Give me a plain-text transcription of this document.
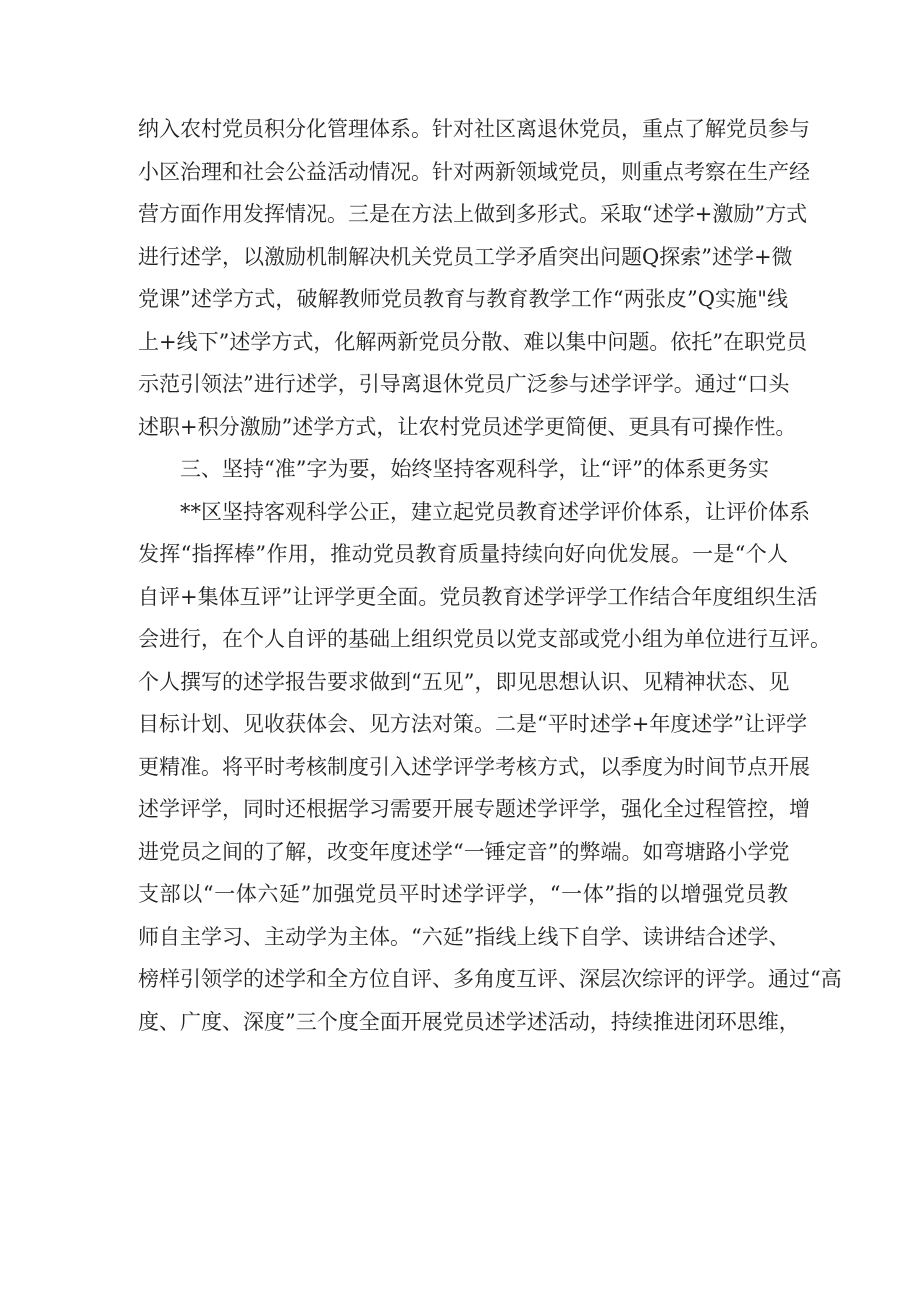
纳入农村党员积分化管理体系。针对社区离退休党员，重点了解党员参与
小区治理和社会公益活动情况。针对两新领域党员，则重点考察在生产经
营方面作用发挥情况。三是在方法上做到多形式。采取“述学+激励”方式
进行述学，以激励机制解决机关党员工学矛盾突出问题Q探索”述学+微
党课”述学方式，破解教师党员教育与教育教学工作“两张皮”Q实施"线
上+线下”述学方式，化解两新党员分散、难以集中问题。依托”在职党员
示范引领法”进行述学，引导离退休党员广泛参与述学评学。通过“口头
述职+积分激励”述学方式，让农村党员述学更简便、更具有可操作性。
三、坚持“准”字为要，始终坚持客观科学，让“评”的体系更务实
**区坚持客观科学公正，建立起党员教育述学评价体系，让评价体系
发挥“指挥棒”作用，推动党员教育质量持续向好向优发展。一是“个人
自评+集体互评”让评学更全面。党员教育述学评学工作结合年度组织生活
会进行，在个人自评的基础上组织党员以党支部或党小组为单位进行互评。
个人撰写的述学报告要求做到“五见”，即见思想认识、见精神状态、见
目标计划、见收获体会、见方法对策。二是“平时述学+年度述学”让评学
更精准。将平时考核制度引入述学评学考核方式，以季度为时间节点开展
述学评学，同时还根据学习需要开展专题述学评学，强化全过程管控，增
进党员之间的了解，改变年度述学“一锤定音”的弊端。如弯塘路小学党
支部以“一体六延”加强党员平时述学评学，“一体”指的以增强党员教
师自主学习、主动学为主体。“六延”指线上线下自学、读讲结合述学、
榜样引领学的述学和全方位自评、多角度互评、深层次综评的评学。通过“高
度、广度、深度”三个度全面开展党员述学述活动，持续推进闭环思维，
